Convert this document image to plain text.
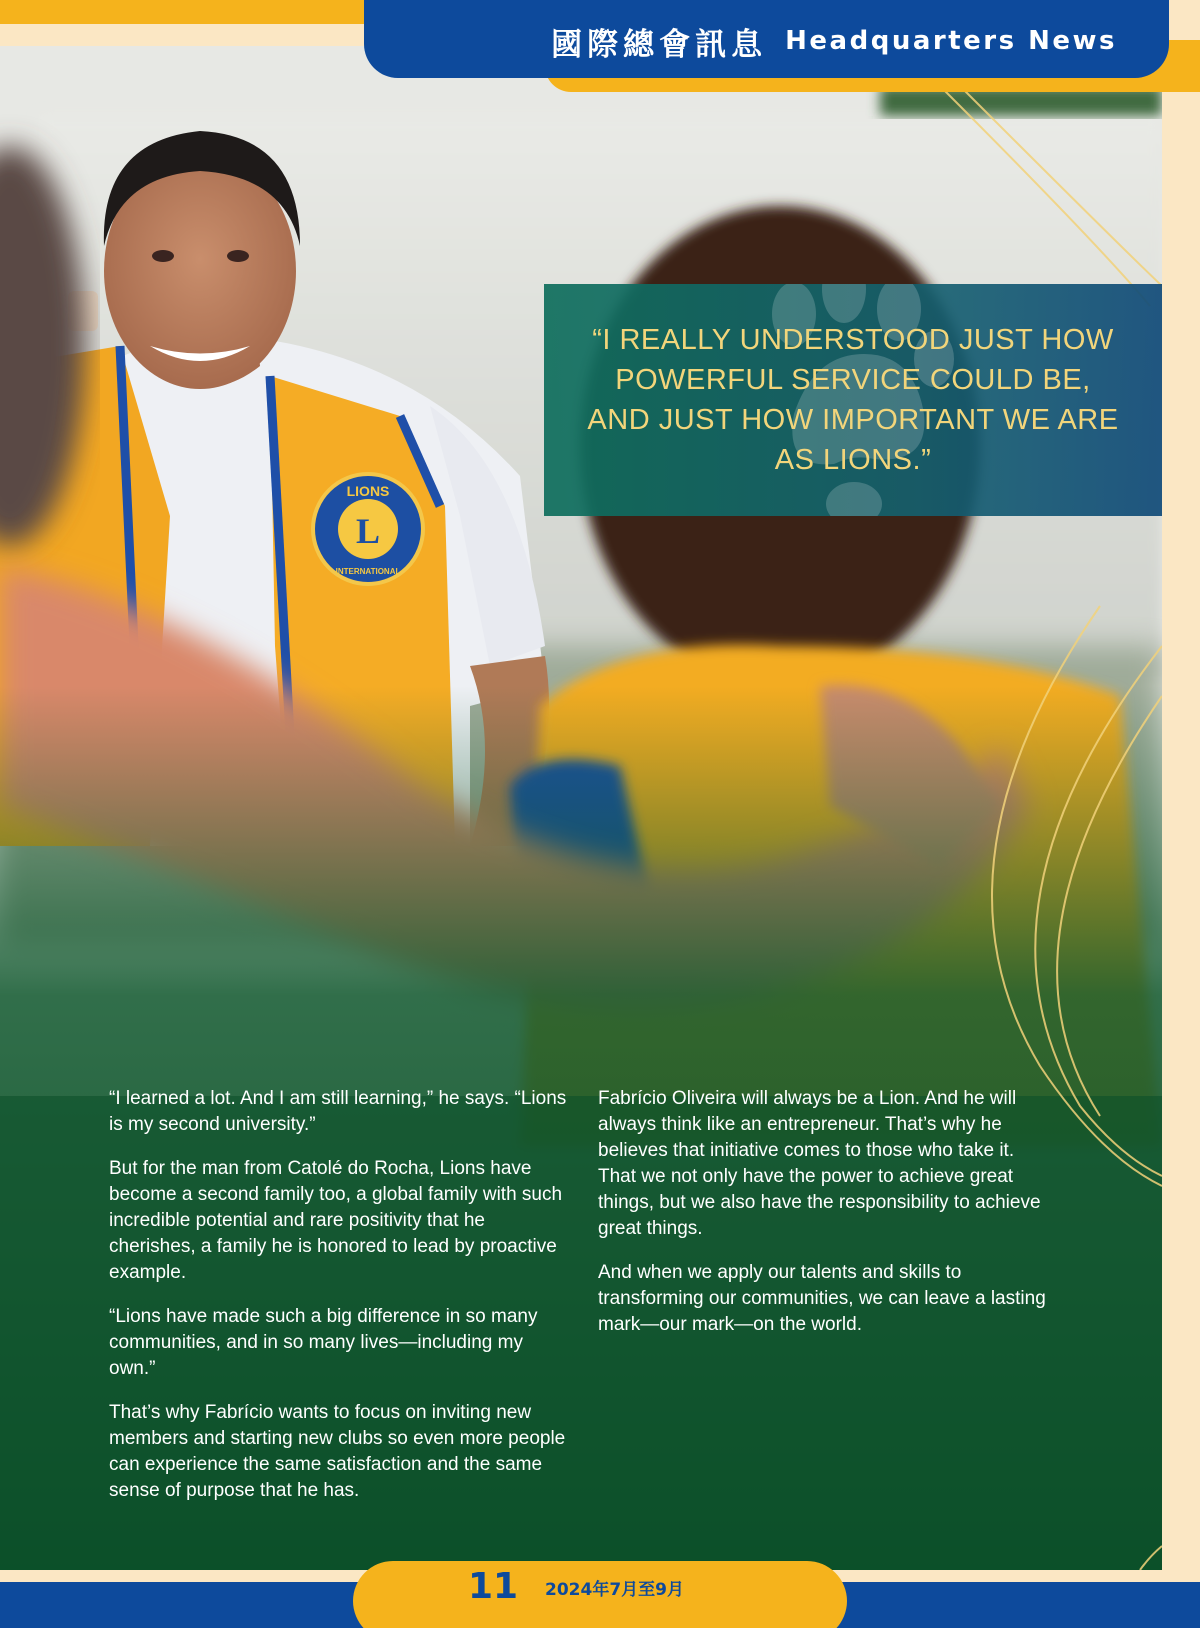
L
LIONS
INTERNATIONAL
“I REALLY UNDERSTOOD JUST HOW POWERFUL SERVICE COULD BE, AND JUST HOW IMPORTANT WE ARE AS LIONS.”
國際總會訊息 Headquarters News

“I learned a lot. And I am still learning,” he says. “Lions is my second university.”

But for the man from Catolé do Rocha, Lions have become a second family too, a global family with such incredible potential and rare positivity that he cherishes, a family he is honored to lead by proactive example.

“Lions have made such a big difference in so many communities, and in so many lives—including my own.”

That’s why Fabrício wants to focus on inviting new members and starting new clubs so even more people can experience the same satisfaction and the same sense of purpose that he has.

Fabrício Oliveira will always be a Lion. And he will always think like an entrepreneur. That’s why he believes that initiative comes to those who take it. That we not only have the power to achieve great things, but we also have the responsibility to achieve great things.

And when we apply our talents and skills to transforming our communities, we can leave a lasting mark—our mark—on the world.

11 2024年7月至9月
